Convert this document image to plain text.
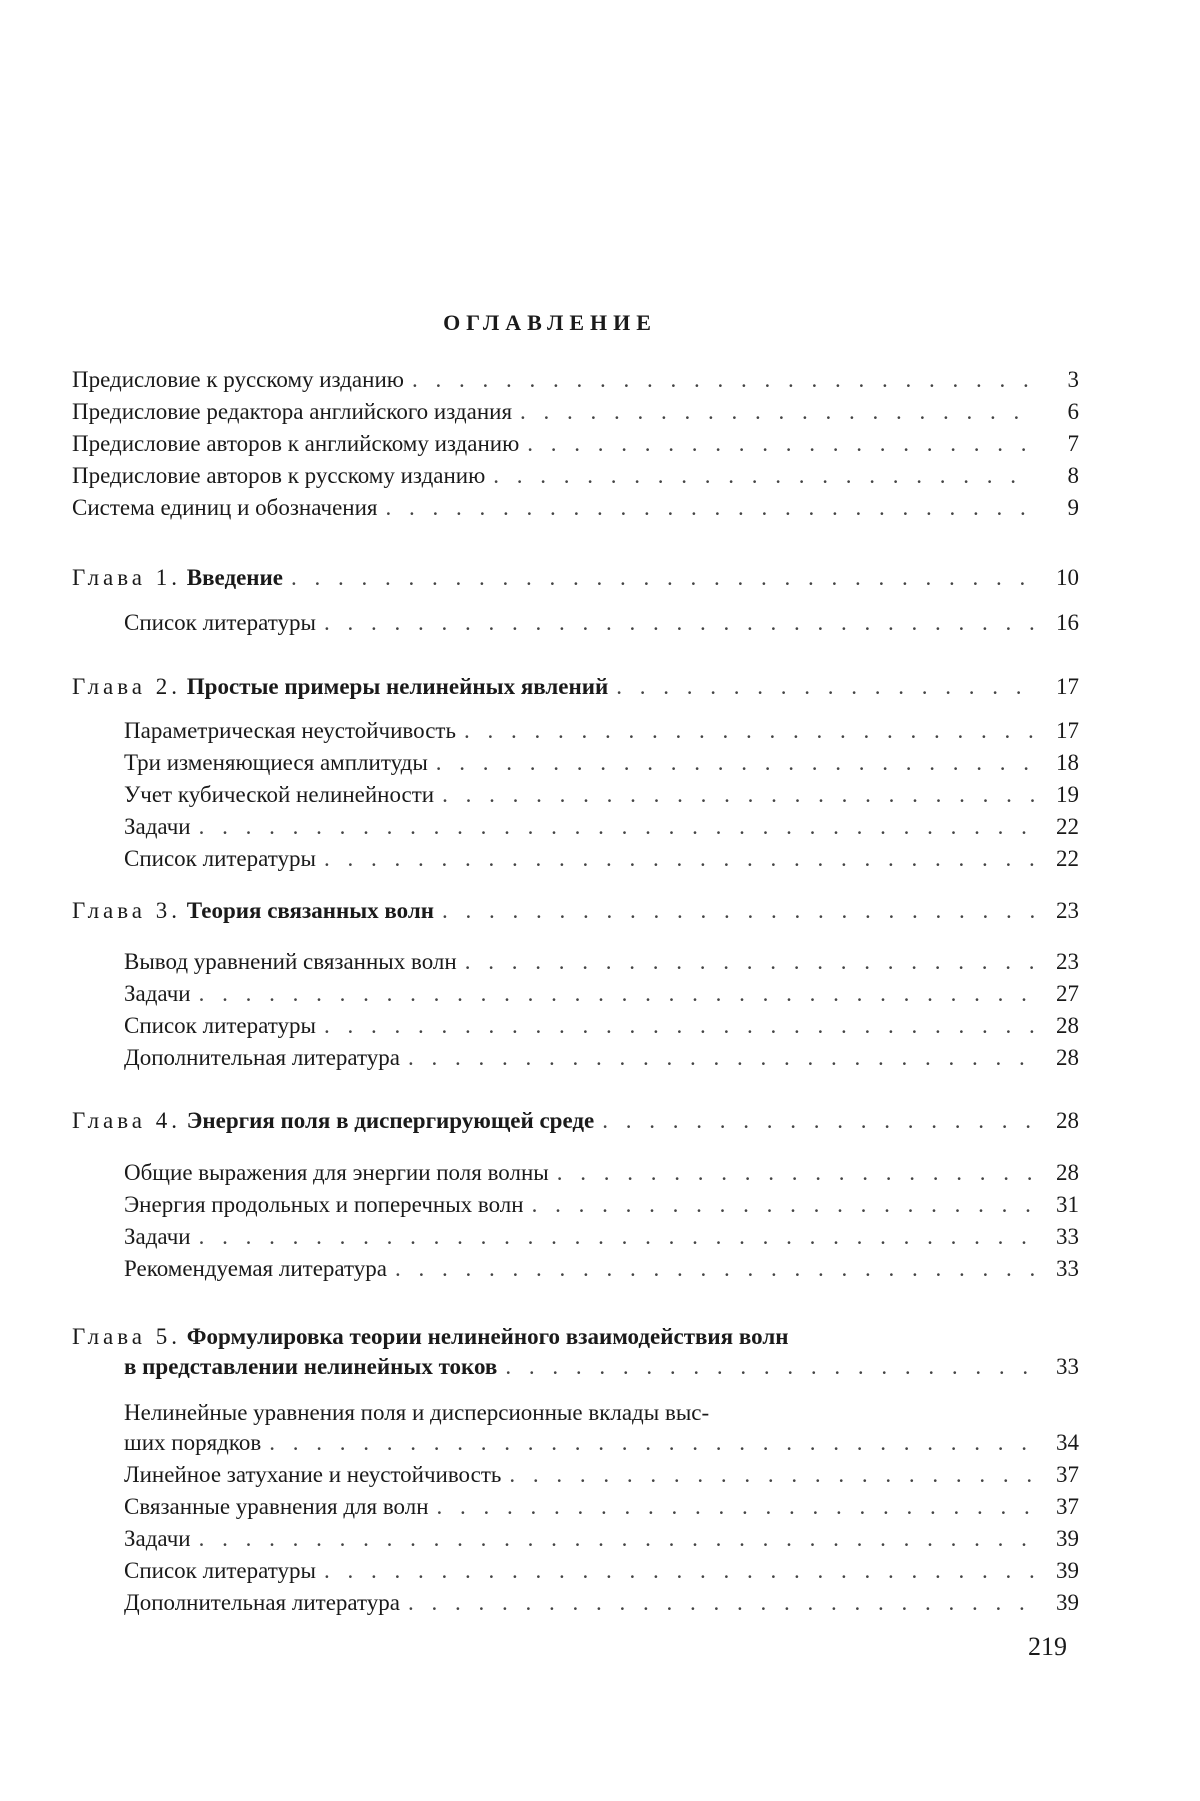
ОГЛАВЛЕНИЕ
Предисловие к русскому изданию
. . .	3
Предисловие редактора английского издания
. . .	6
Предисловие авторов к английскому изданию
. . .	7
Предисловие авторов к русскому изданию
. . .	8
Система единиц и обозначения
. . .	9
Глава 1. Введение
. . .	10
Список литературы
. . .	16
Глава 2. Простые примеры нелинейных явлений
. . .	17
Параметрическая неустойчивость
. . .	17
Три изменяющиеся амплитуды
. . .	18
Учет кубической нелинейности
. . .	19
Задачи
. . .	22
Список литературы
. . .	22
Глава 3. Теория связанных волн
. . .	23
Вывод уравнений связанных волн
. . .	23
Задачи
. . .	27
Список литературы
. . .	28
Дополнительная литература
. . .	28
Глава 4. Энергия поля в диспергирующей среде
. . .	28
Общие выражения для энергии поля волны
. . .	28
Энергия продольных и поперечных волн
. . .	31
Задачи
. . .	33
Рекомендуемая литература
. . .	33
Глава 5. Формулировка теории нелинейного взаимодействия волн
в представлении нелинейных токов
. . .	33
Нелинейные уравнения поля и дисперсионные вклады выс-
ших порядков
. . .	34
Линейное затухание и неустойчивость
. . .	37
Связанные уравнения для волн
. . .	37
Задачи
. . .	39
Список литературы
. . .	39
Дополнительная литература
. . .	39
219
